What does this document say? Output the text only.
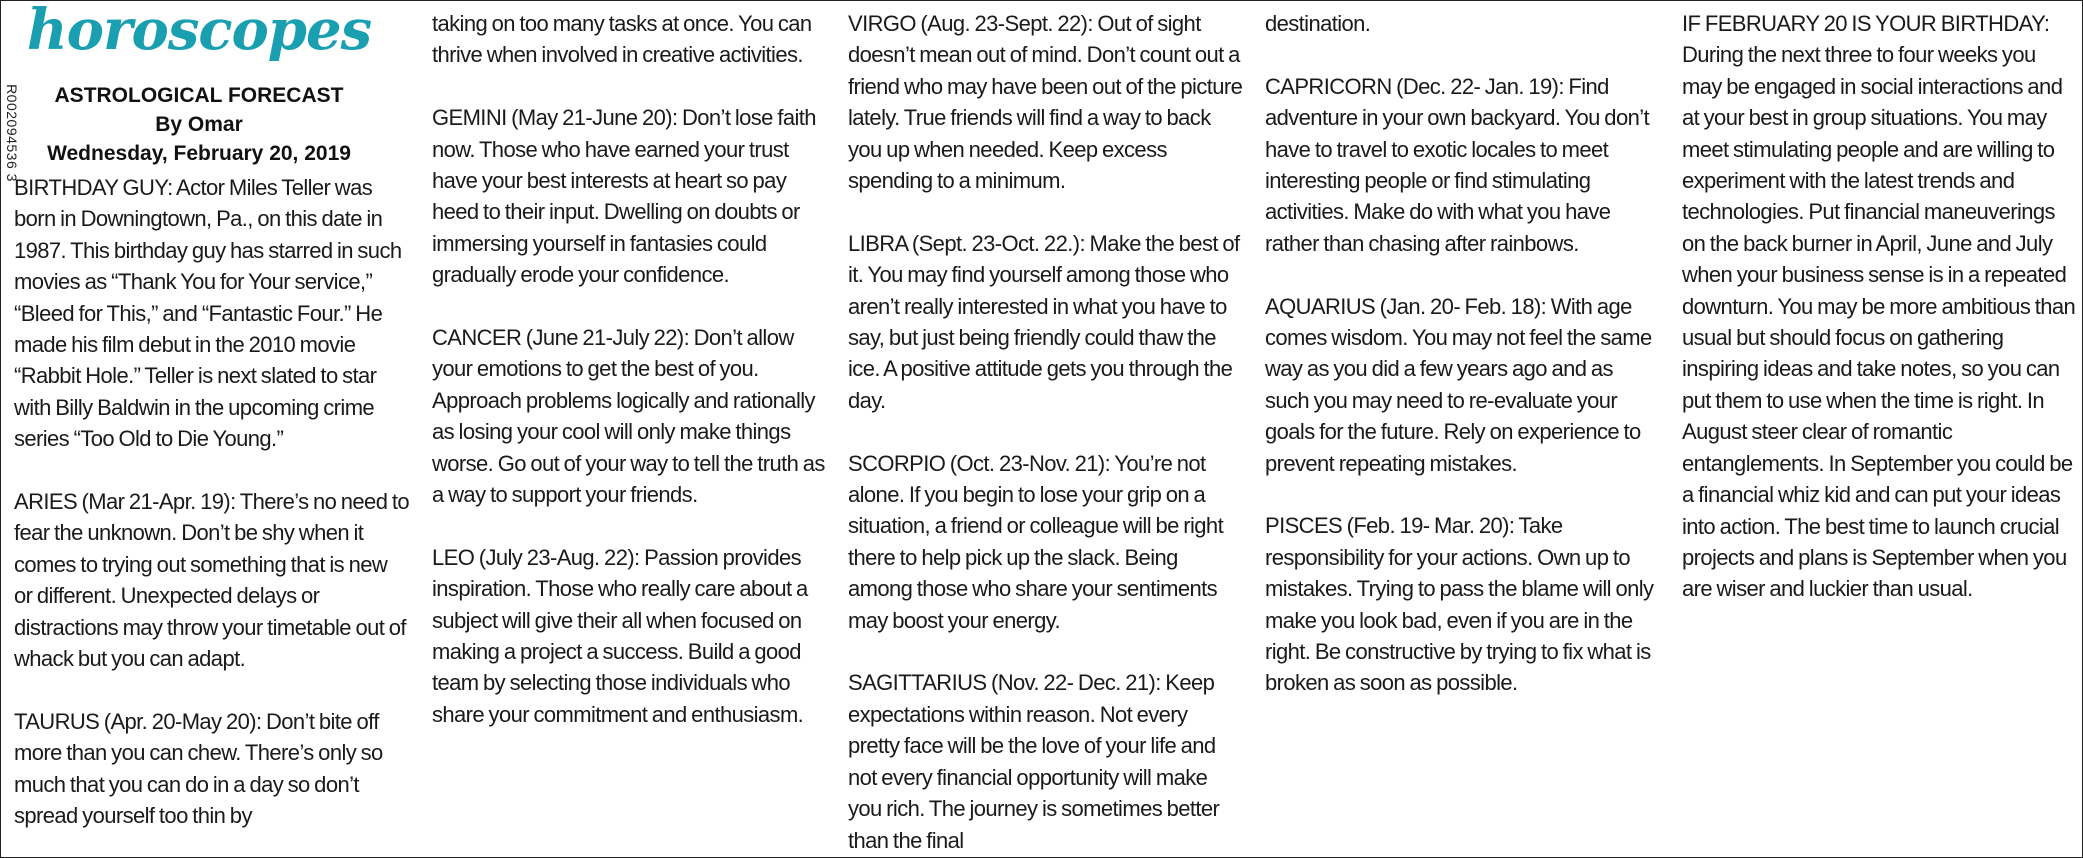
R002094536 3
horoscopes
ASTROLOGICAL FORECAST
By Omar
Wednesday, February 20, 2019

BIRTHDAY GUY: Actor Miles Teller was born in Downingtown, Pa., on this date in 1987. This birthday guy has starred in such movies as “Thank You for Your service,” “Bleed for This,” and “Fantastic Four.” He made his film debut in the 2010 movie “Rabbit Hole.” Teller is next slated to star with Billy Baldwin in the upcoming crime series “Too Old to Die Young.”

ARIES (Mar 21-Apr. 19): There’s no need to fear the unknown. Don’t be shy when it comes to trying out something that is new or different. Unexpected delays or distractions may throw your timetable out of whack but you can adapt.

TAURUS (Apr. 20-May 20): Don’t bite off more than you can chew. There’s only so much that you can do in a day so don’t spread yourself too thin by

taking on too many tasks at once. You can thrive when involved in creative activities.

GEMINI (May 21-June 20): Don’t lose faith now. Those who have earned your trust have your best interests at heart so pay heed to their input. Dwelling on doubts or immersing yourself in fantasies could gradually erode your confidence.

CANCER (June 21-July 22): Don’t allow your emotions to get the best of you. Approach problems logically and rationally as losing your cool will only make things worse. Go out of your way to tell the truth as a way to support your friends.

LEO (July 23-Aug. 22): Passion provides inspiration. Those who really care about a subject will give their all when focused on making a project a success. Build a good team by selecting those individuals who share your commitment and enthusiasm.

VIRGO (Aug. 23-Sept. 22): Out of sight doesn’t mean out of mind. Don’t count out a friend who may have been out of the picture lately. True friends will find a way to back you up when needed. Keep excess spending to a minimum.

LIBRA (Sept. 23-Oct. 22.): Make the best of it. You may find yourself among those who aren’t really interested in what you have to say, but just being friendly could thaw the ice. A positive attitude gets you through the day.

SCORPIO (Oct. 23-Nov. 21): You’re not alone. If you begin to lose your grip on a situation, a friend or colleague will be right there to help pick up the slack. Being among those who share your sentiments may boost your energy.

SAGITTARIUS (Nov. 22- Dec. 21): Keep expectations within reason. Not every pretty face will be the love of your life and not every financial opportunity will make you rich. The journey is sometimes better than the final

destination.

CAPRICORN (Dec. 22- Jan. 19): Find adventure in your own backyard. You don’t have to travel to exotic locales to meet interesting people or find stimulating activities. Make do with what you have rather than chasing after rainbows.

AQUARIUS (Jan. 20- Feb. 18): With age comes wisdom. You may not feel the same way as you did a few years ago and as such you may need to re-evaluate your goals for the future. Rely on experience to prevent repeating mistakes.

PISCES (Feb. 19- Mar. 20): Take responsibility for your actions. Own up to mistakes. Trying to pass the blame will only make you look bad, even if you are in the right. Be constructive by trying to fix what is broken as soon as possible.

IF FEBRUARY 20 IS YOUR BIRTHDAY: During the next three to four weeks you may be engaged in social interactions and at your best in group situations. You may meet stimulating people and are willing to experiment with the latest trends and technologies. Put financial maneuverings on the back burner in April, June and July when your business sense is in a repeated downturn. You may be more ambitious than usual but should focus on gathering inspiring ideas and take notes, so you can put them to use when the time is right. In August steer clear of romantic entanglements. In September you could be a financial whiz kid and can put your ideas into action. The best time to launch crucial projects and plans is September when you are wiser and luckier than usual.
